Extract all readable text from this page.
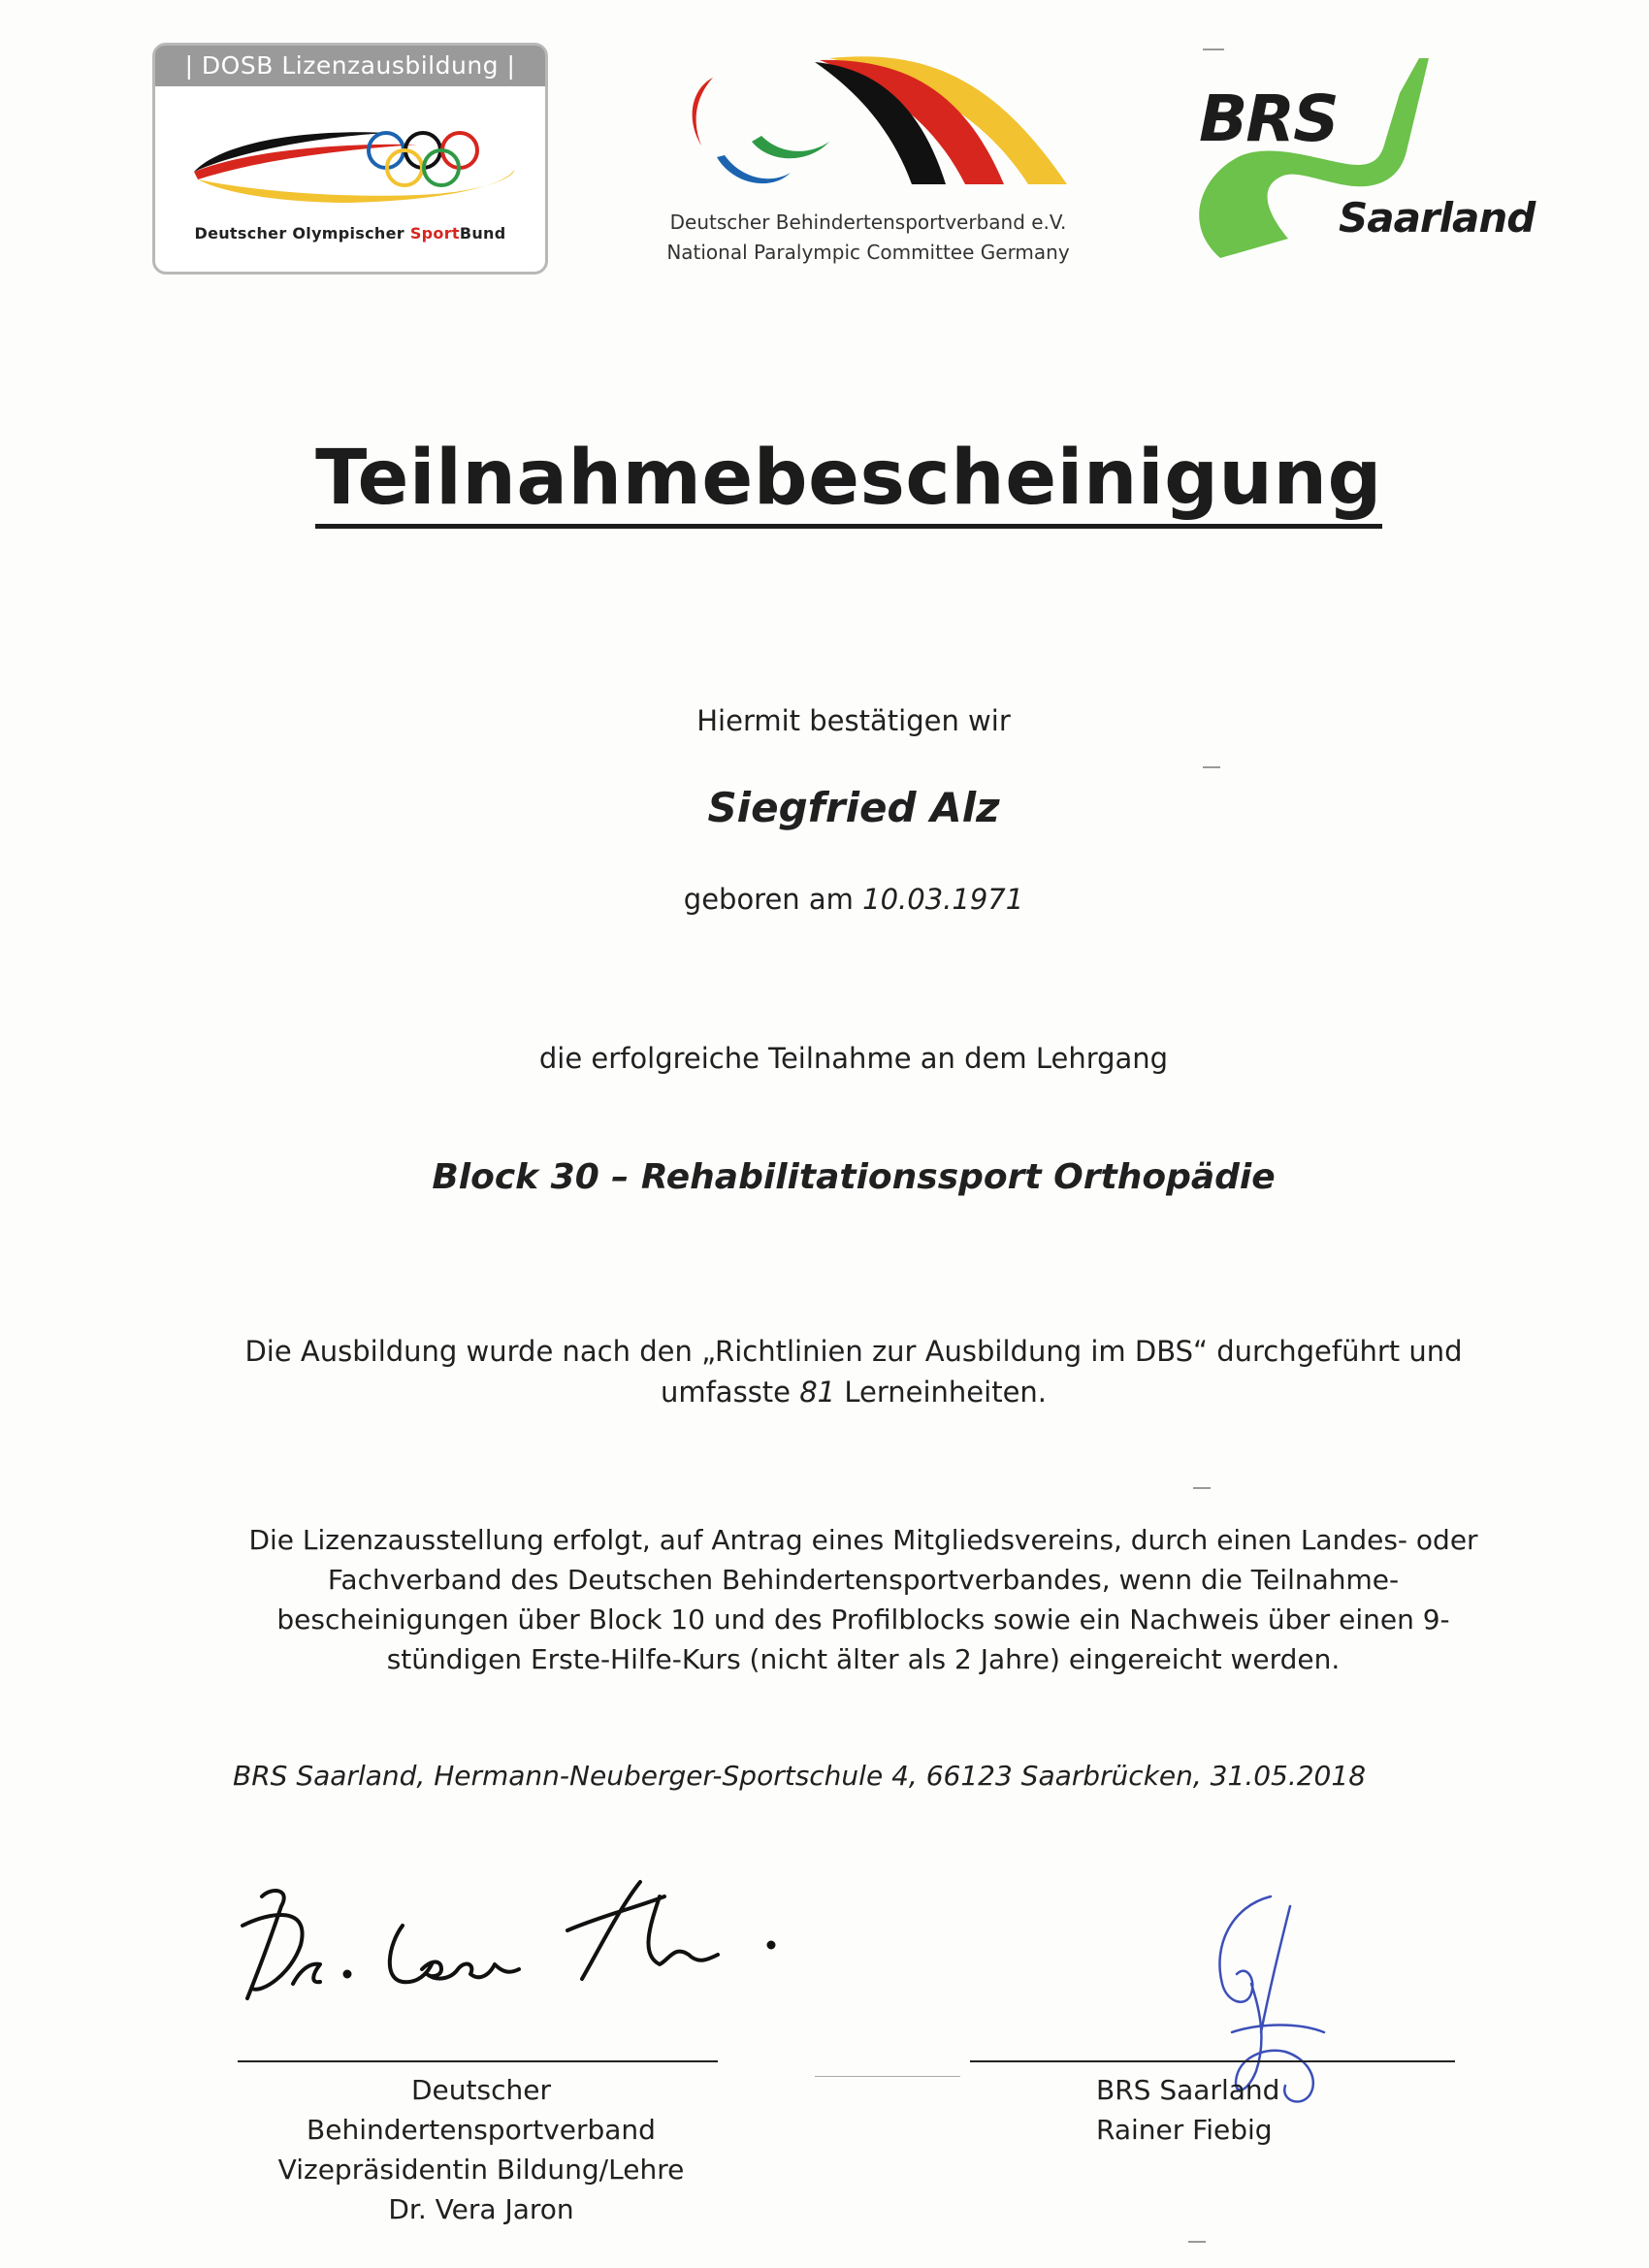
| DOSB Lizenzausbildung |
Deutscher Olympischer SportBund	Deutscher Behindertensportverband e.V.
National Paralympic Committee Germany
BRS
Saarland
Teilnahmebescheinigung
Hiermit bestätigen wir
Siegfried Alz
geboren am 10.03.1971
die erfolgreiche Teilnahme an dem Lehrgang
Block 30 – Rehabilitationssport Orthopädie
Die Ausbildung wurde nach den „Richtlinien zur Ausbildung im DBS“ durchgeführt und
umfasste 81 Lerneinheiten.
Die Lizenzausstellung erfolgt, auf Antrag eines Mitgliedsvereins, durch einen Landes- oder
Fachverband des Deutschen Behindertensportverbandes, wenn die Teilnahme-
bescheinigungen über Block 10 und des Profilblocks sowie ein Nachweis über einen 9-
stündigen Erste-Hilfe-Kurs (nicht älter als 2 Jahre) eingereicht werden.
BRS Saarland, Hermann-Neuberger-Sportschule 4, 66123 Saarbrücken, 31.05.2018
Deutscher Behindertensportverband
Vizepräsidentin Bildung/Lehre
Dr. Vera Jaron
BRS Saarland
Rainer Fiebig
